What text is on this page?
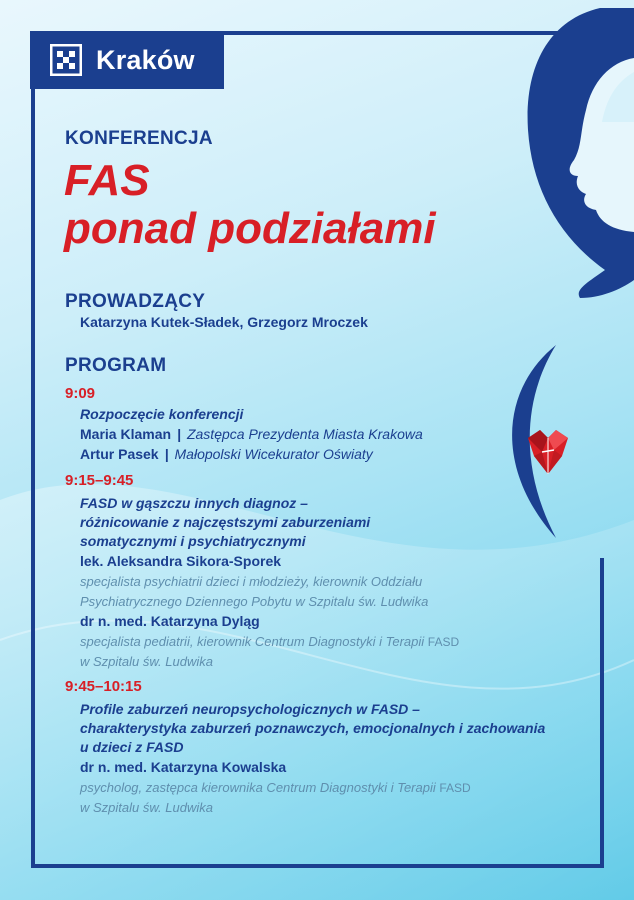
Kraków
KONFERENCJA
FAS
ponad podziałami
PROWADZĄCY
Katarzyna Kutek-Sładek, Grzegorz Mroczek
PROGRAM
9:09
Rozpoczęcie konferencji
Maria Klaman | Zastępca Prezydenta Miasta Krakowa
Artur Pasek | Małopolski Wicekurator Oświaty
9:15–9:45
FASD w gąszczu innych diagnoz –
różnicowanie z najczęstszymi zaburzeniami
somatycznymi i psychiatrycznymi
lek. Aleksandra Sikora-Sporek
specjalista psychiatrii dzieci i młodzieży, kierownik Oddziału
Psychiatrycznego Dziennego Pobytu w Szpitalu św. Ludwika
dr n. med. Katarzyna Dyląg
specjalista pediatrii, kierownik Centrum Diagnostyki i Terapii FASD
w Szpitalu św. Ludwika
9:45–10:15
Profile zaburzeń neuropsychologicznych w FASD –
charakterystyka zaburzeń poznawczych, emocjonalnych i zachowania
u dzieci z FASD
dr n. med. Katarzyna Kowalska
psycholog, zastępca kierownika Centrum Diagnostyki i Terapii FASD
w Szpitalu św. Ludwika
